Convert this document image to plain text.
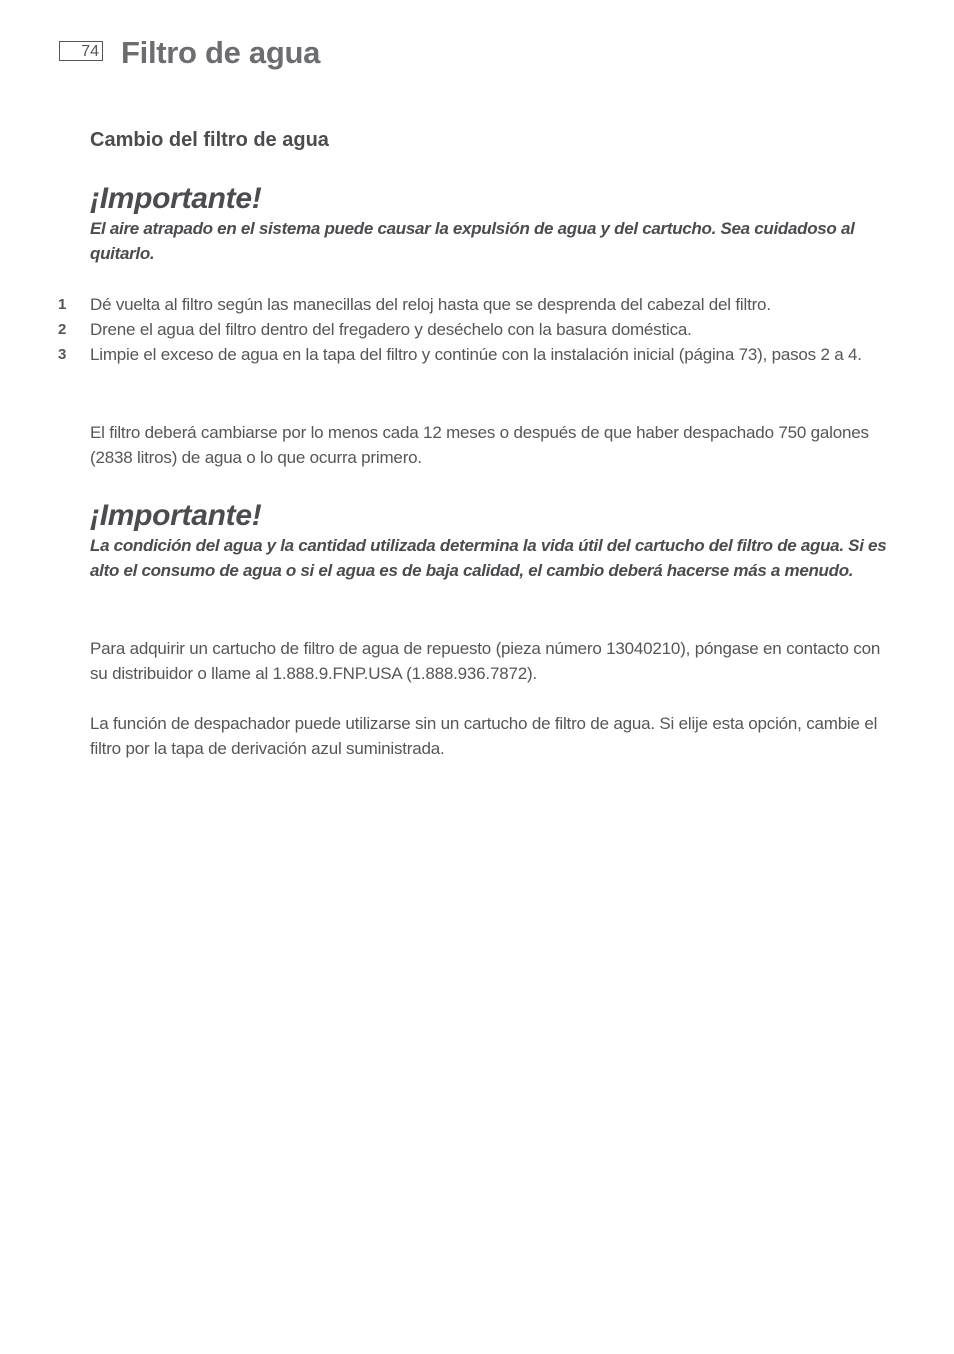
74 Filtro de agua
Cambio del filtro de agua
¡Importante!

El aire atrapado en el sistema puede causar la expulsión de agua y del cartucho. Sea cuidadoso al quitarlo.

1 Dé vuelta al filtro según las manecillas del reloj hasta que se desprenda del cabezal del filtro.
2 Drene el agua del filtro dentro del fregadero y deséchelo con la basura doméstica.
3 Limpie el exceso de agua en la tapa del filtro y continúe con la instalación inicial (página 73), pasos 2 a 4.

El filtro deberá cambiarse por lo menos cada 12 meses o después de que haber despachado 750 galones (2838 litros) de agua o lo que ocurra primero.

¡Importante!

La condición del agua y la cantidad utilizada determina la vida útil del cartucho del filtro de agua. Si es alto el consumo de agua o si el agua es de baja calidad, el cambio deberá hacerse más a menudo.

Para adquirir un cartucho de filtro de agua de repuesto (pieza número 13040210), póngase en contacto con su distribuidor o llame al 1.888.9.FNP.USA (1.888.936.7872).

La función de despachador puede utilizarse sin un cartucho de filtro de agua. Si elije esta opción, cambie el filtro por la tapa de derivación azul suministrada.
